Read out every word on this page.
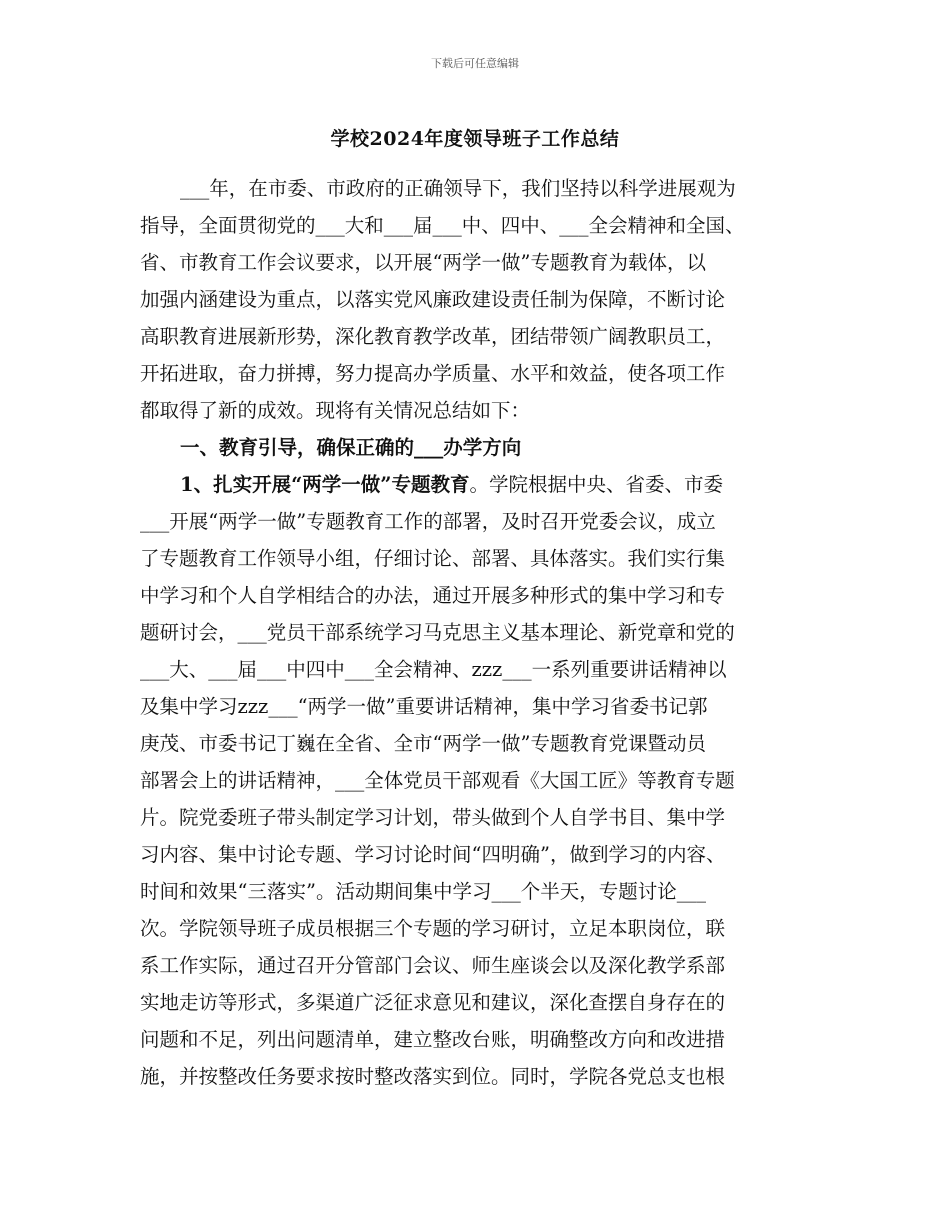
下载后可任意编辑
学校2024年度领导班子工作总结
___年，在市委、市政府的正确领导下，我们坚持以科学进展观为
指导，全面贯彻党的___大和___届___中、四中、___全会精神和全国、
省、市教育工作会议要求，以开展“两学一做”专题教育为载体，以
加强内涵建设为重点，以落实党风廉政建设责任制为保障，不断讨论
高职教育进展新形势，深化教育教学改革，团结带领广阔教职员工，
开拓进取，奋力拼搏，努力提高办学质量、水平和效益，使各项工作
都取得了新的成效。现将有关情况总结如下：
一、教育引导，确保正确的___办学方向
1、扎实开展“两学一做”专题教育。学院根据中央、省委、市委
___开展“两学一做”专题教育工作的部署，及时召开党委会议，成立
了专题教育工作领导小组，仔细讨论、部署、具体落实。我们实行集
中学习和个人自学相结合的办法，通过开展多种形式的集中学习和专
题研讨会，___党员干部系统学习马克思主义基本理论、新党章和党的
___大、___届___中四中___全会精神、zzz___一系列重要讲话精神以
及集中学习zzz___“两学一做”重要讲话精神，集中学习省委书记郭
庚茂、市委书记丁巍在全省、全市“两学一做”专题教育党课暨动员
部署会上的讲话精神，___全体党员干部观看《大国工匠》等教育专题
片。院党委班子带头制定学习计划，带头做到个人自学书目、集中学
习内容、集中讨论专题、学习讨论时间“四明确”，做到学习的内容、
时间和效果“三落实”。活动期间集中学习___个半天，专题讨论___
次。学院领导班子成员根据三个专题的学习研讨，立足本职岗位，联
系工作实际，通过召开分管部门会议、师生座谈会以及深化教学系部
实地走访等形式，多渠道广泛征求意见和建议，深化查摆自身存在的
问题和不足，列出问题清单，建立整改台账，明确整改方向和改进措
施，并按整改任务要求按时整改落实到位。同时，学院各党总支也根
